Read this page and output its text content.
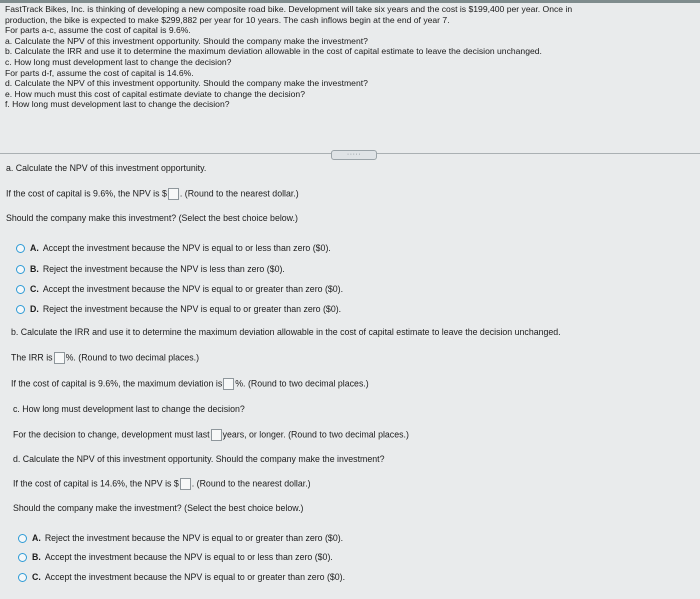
FastTrack Bikes, Inc. is thinking of developing a new composite road bike. Development will take six years and the cost is $199,400 per year. Once in
production, the bike is expected to make $299,882 per year for 10 years. The cash inflows begin at the end of year 7.
For parts a-c, assume the cost of capital is 9.6%.
a. Calculate the NPV of this investment opportunity. Should the company make the investment?
b. Calculate the IRR and use it to determine the maximum deviation allowable in the cost of capital estimate to leave the decision unchanged.
c. How long must development last to change the decision?
For parts d-f, assume the cost of capital is 14.6%.
d. Calculate the NPV of this investment opportunity. Should the company make the investment?
e. How much must this cost of capital estimate deviate to change the decision?
f. How long must development last to change the decision?
·····
a. Calculate the NPV of this investment opportunity.
If the cost of capital is 9.6%, the NPV is $ . (Round to the nearest dollar.)
Should the company make this investment? (Select the best choice below.)
A. Accept the investment because the NPV is equal to or less than zero ($0).
B. Reject the investment because the NPV is less than zero ($0).
C. Accept the investment because the NPV is equal to or greater than zero ($0).
D. Reject the investment because the NPV is equal to or greater than zero ($0).
b. Calculate the IRR and use it to determine the maximum deviation allowable in the cost of capital estimate to leave the decision unchanged.
The IRR is %. (Round to two decimal places.)
If the cost of capital is 9.6%, the maximum deviation is %. (Round to two decimal places.)
c. How long must development last to change the decision?
For the decision to change, development must last years, or longer. (Round to two decimal places.)
d. Calculate the NPV of this investment opportunity. Should the company make the investment?
If the cost of capital is 14.6%, the NPV is $ . (Round to the nearest dollar.)
Should the company make the investment? (Select the best choice below.)
A. Reject the investment because the NPV is equal to or greater than zero ($0).
B. Accept the investment because the NPV is equal to or less than zero ($0).
C. Accept the investment because the NPV is equal to or greater than zero ($0).
